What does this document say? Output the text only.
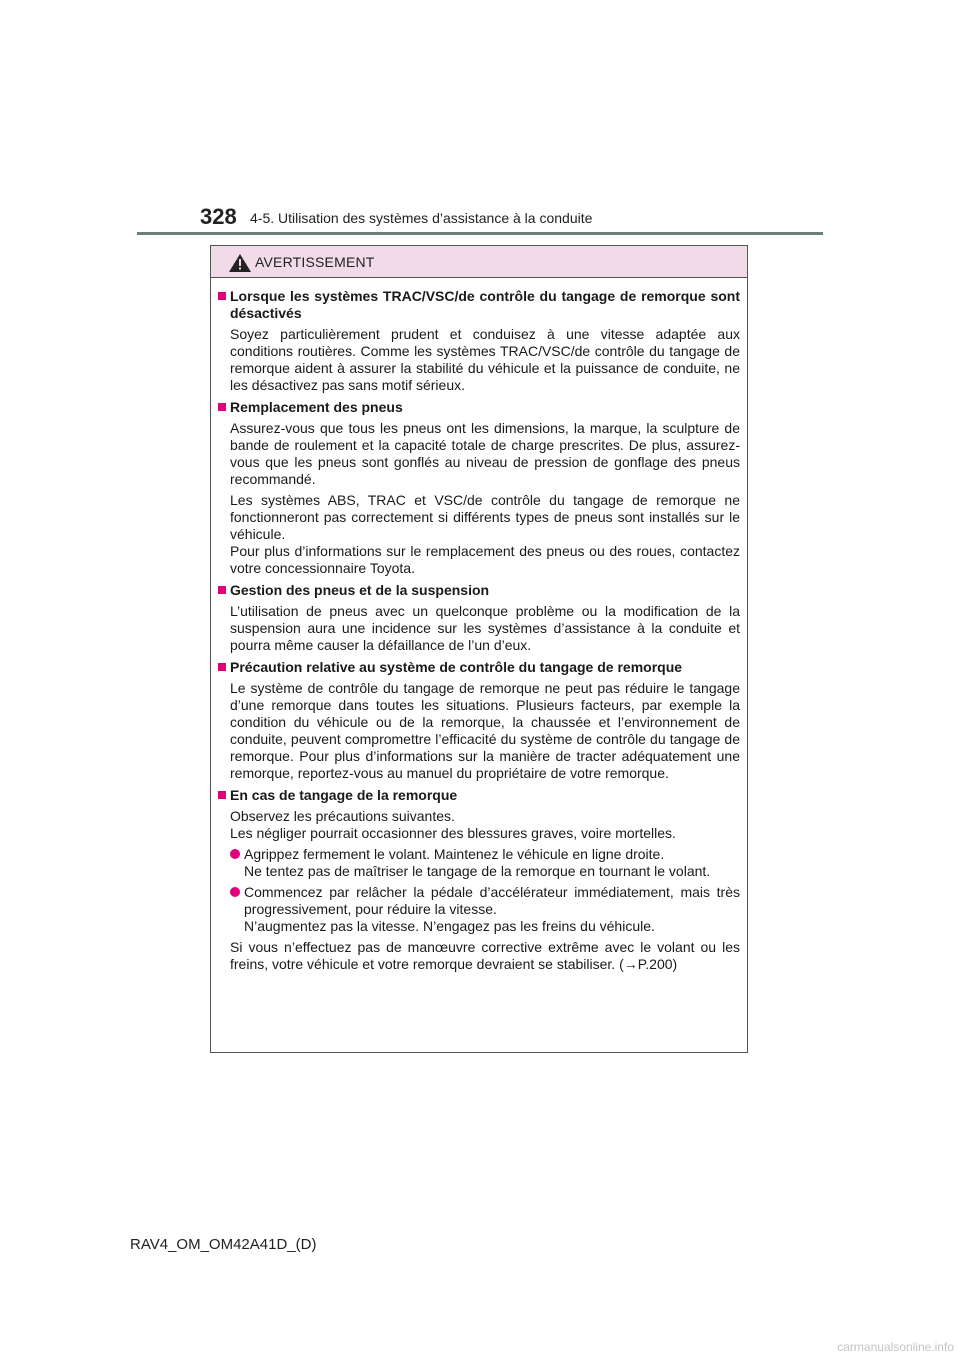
328 4-5. Utilisation des systèmes d’assistance à la conduite
AVERTISSEMENT
Lorsque les systèmes TRAC/VSC/de contrôle du tangage de remorque sont désactivés
Soyez particulièrement prudent et conduisez à une vitesse adaptée aux conditions routières. Comme les systèmes TRAC/VSC/de contrôle du tangage de remorque aident à assurer la stabilité du véhicule et la puissance de conduite, ne les désactivez pas sans motif sérieux.
Remplacement des pneus
Assurez-vous que tous les pneus ont les dimensions, la marque, la sculpture de bande de roulement et la capacité totale de charge prescrites. De plus, assurez-vous que les pneus sont gonflés au niveau de pression de gonflage des pneus recommandé.
Les systèmes ABS, TRAC et VSC/de contrôle du tangage de remorque ne fonctionneront pas correctement si différents types de pneus sont installés sur le véhicule.
Pour plus d’informations sur le remplacement des pneus ou des roues, contactez votre concessionnaire Toyota.
Gestion des pneus et de la suspension
L’utilisation de pneus avec un quelconque problème ou la modification de la suspension aura une incidence sur les systèmes d’assistance à la conduite et pourra même causer la défaillance de l’un d’eux.
Précaution relative au système de contrôle du tangage de remorque
Le système de contrôle du tangage de remorque ne peut pas réduire le tangage d’une remorque dans toutes les situations. Plusieurs facteurs, par exemple la condition du véhicule ou de la remorque, la chaussée et l’environnement de conduite, peuvent compromettre l’efficacité du système de contrôle du tangage de remorque. Pour plus d’informations sur la manière de tracter adéquatement une remorque, reportez-vous au manuel du propriétaire de votre remorque.
En cas de tangage de la remorque
Observez les précautions suivantes.
Les négliger pourrait occasionner des blessures graves, voire mortelles.
Agrippez fermement le volant. Maintenez le véhicule en ligne droite.
Ne tentez pas de maîtriser le tangage de la remorque en tournant le volant.
Commencez par relâcher la pédale d’accélérateur immédiatement, mais très progressivement, pour réduire la vitesse.
N’augmentez pas la vitesse. N’engagez pas les freins du véhicule.
Si vous n’effectuez pas de manœuvre corrective extrême avec le volant ou les freins, votre véhicule et votre remorque devraient se stabiliser. (→P.200)
RAV4_OM_OM42A41D_(D)
carmanualsonline.info
